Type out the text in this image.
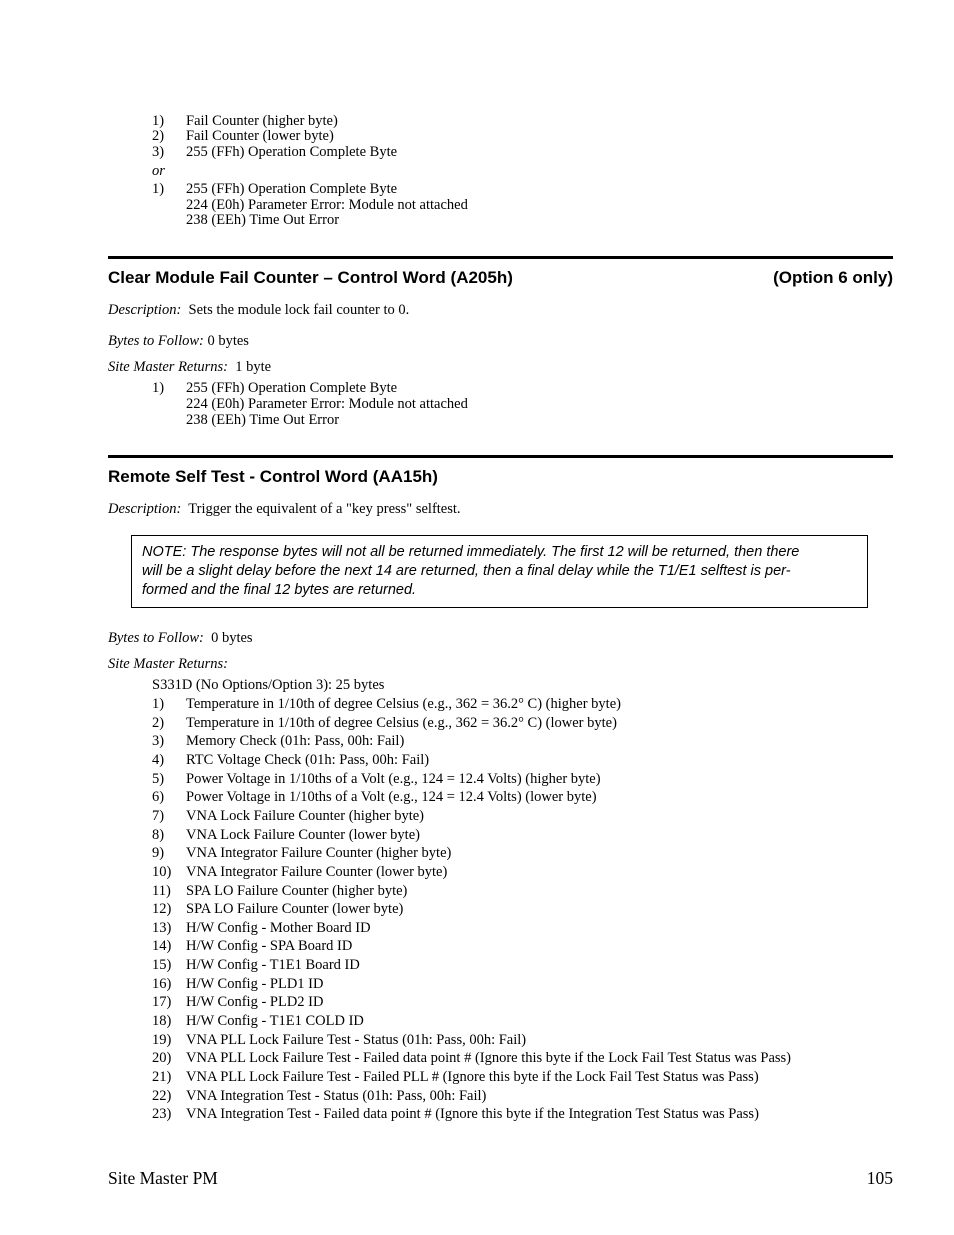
1) Fail Counter (higher byte)
2) Fail Counter (lower byte)
3) 255 (FFh) Operation Complete Byte
or
1) 255 (FFh) Operation Complete Byte
224 (E0h) Parameter Error: Module not attached
238 (EEh) Time Out Error
Clear Module Fail Counter – Control Word (A205h)	(Option 6 only)
Description: Sets the module lock fail counter to 0.
Bytes to Follow: 0 bytes
Site Master Returns: 1 byte
1) 255 (FFh) Operation Complete Byte
224 (E0h) Parameter Error: Module not attached
238 (EEh) Time Out Error
Remote Self Test - Control Word (AA15h)
Description: Trigger the equivalent of a "key press" selftest.
NOTE: The response bytes will not all be returned immediately. The first 12 will be returned, then there
will be a slight delay before the next 14 are returned, then a final delay while the T1/E1 selftest is per-
formed and the final 12 bytes are returned.
Bytes to Follow: 0 bytes
Site Master Returns:
S331D (No Options/Option 3): 25 bytes
1) Temperature in 1/10th of degree Celsius (e.g., 362 = 36.2° C) (higher byte)
2) Temperature in 1/10th of degree Celsius (e.g., 362 = 36.2° C) (lower byte)
3) Memory Check (01h: Pass, 00h: Fail)
4) RTC Voltage Check (01h: Pass, 00h: Fail)
5) Power Voltage in 1/10ths of a Volt (e.g., 124 = 12.4 Volts) (higher byte)
6) Power Voltage in 1/10ths of a Volt (e.g., 124 = 12.4 Volts) (lower byte)
7) VNA Lock Failure Counter (higher byte)
8) VNA Lock Failure Counter (lower byte)
9) VNA Integrator Failure Counter (higher byte)
10) VNA Integrator Failure Counter (lower byte)
11) SPA LO Failure Counter (higher byte)
12) SPA LO Failure Counter (lower byte)
13) H/W Config - Mother Board ID
14) H/W Config - SPA Board ID
15) H/W Config - T1E1 Board ID
16) H/W Config - PLD1 ID
17) H/W Config - PLD2 ID
18) H/W Config - T1E1 COLD ID
19) VNA PLL Lock Failure Test - Status (01h: Pass, 00h: Fail)
20) VNA PLL Lock Failure Test - Failed data point # (Ignore this byte if the Lock Fail Test Status was Pass)
21) VNA PLL Lock Failure Test - Failed PLL # (Ignore this byte if the Lock Fail Test Status was Pass)
22) VNA Integration Test - Status (01h: Pass, 00h: Fail)
23) VNA Integration Test - Failed data point # (Ignore this byte if the Integration Test Status was Pass)
Site Master PM	105
